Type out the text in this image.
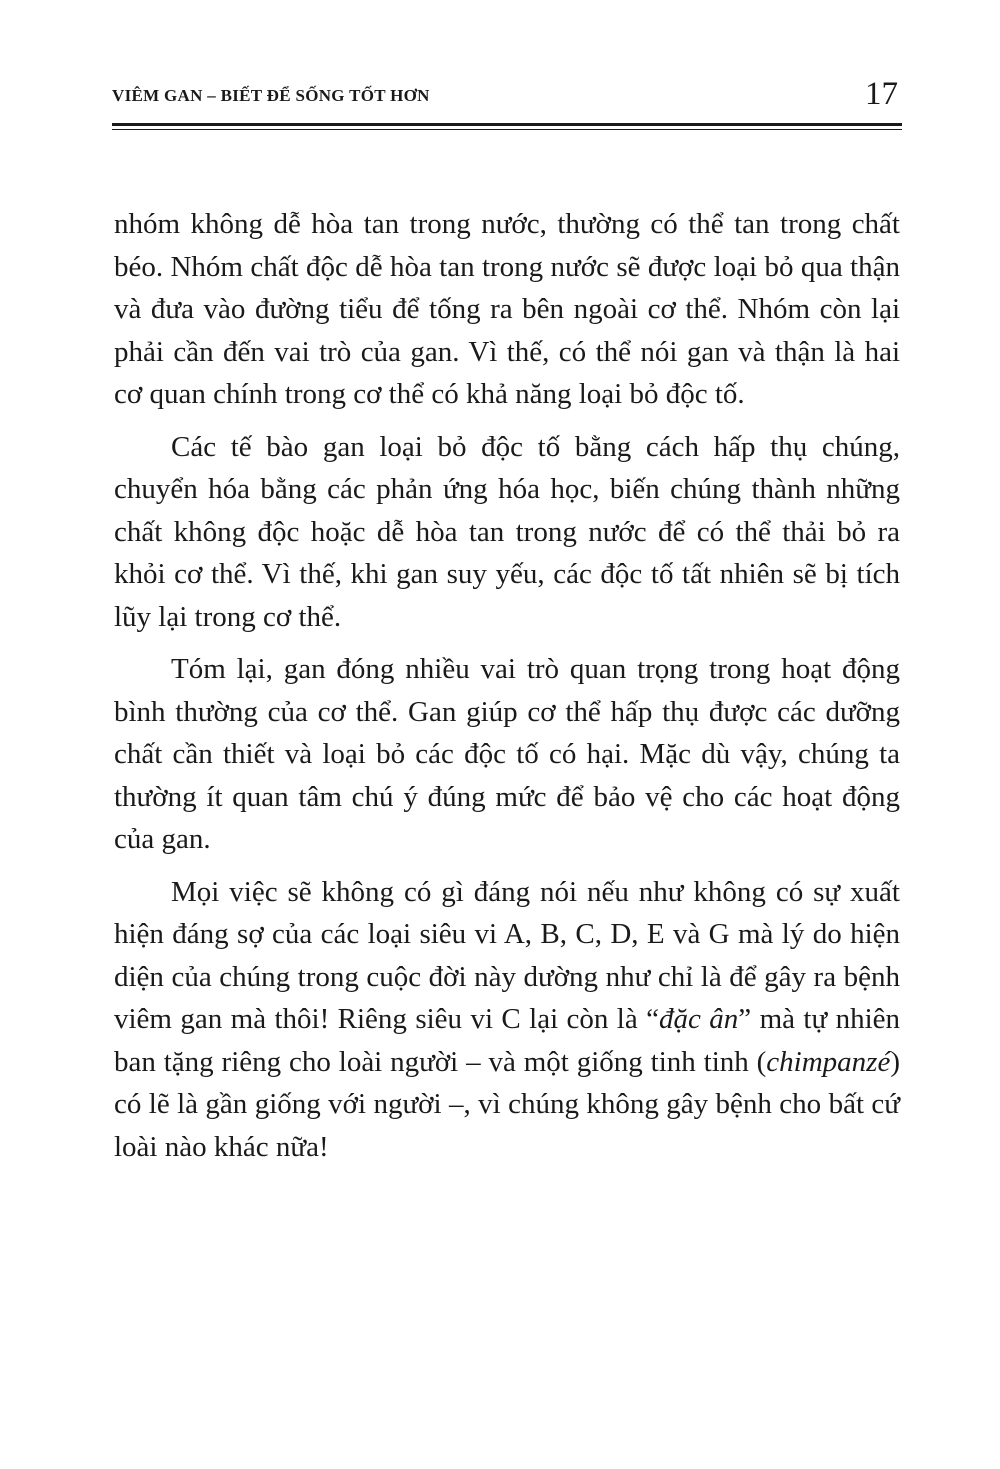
VIÊM GAN – BIẾT ĐỂ SỐNG TỐT HƠN	17

nhóm không dễ hòa tan trong nước, thường có thể tan trong chất béo. Nhóm chất độc dễ hòa tan trong nước sẽ được loại bỏ qua thận và đưa vào đường tiểu để tống ra bên ngoài cơ thể. Nhóm còn lại phải cần đến vai trò của gan. Vì thế, có thể nói gan và thận là hai cơ quan chính trong cơ thể có khả năng loại bỏ độc tố.

Các tế bào gan loại bỏ độc tố bằng cách hấp thụ chúng, chuyển hóa bằng các phản ứng hóa học, biến chúng thành những chất không độc hoặc dễ hòa tan trong nước để có thể thải bỏ ra khỏi cơ thể. Vì thế, khi gan suy yếu, các độc tố tất nhiên sẽ bị tích lũy lại trong cơ thể.

Tóm lại, gan đóng nhiều vai trò quan trọng trong hoạt động bình thường của cơ thể. Gan giúp cơ thể hấp thụ được các dưỡng chất cần thiết và loại bỏ các độc tố có hại. Mặc dù vậy, chúng ta thường ít quan tâm chú ý đúng mức để bảo vệ cho các hoạt động của gan.

Mọi việc sẽ không có gì đáng nói nếu như không có sự xuất hiện đáng sợ của các loại siêu vi A, B, C, D, E và G mà lý do hiện diện của chúng trong cuộc đời này dường như chỉ là để gây ra bệnh viêm gan mà thôi! Riêng siêu vi C lại còn là “đặc ân” mà tự nhiên ban tặng riêng cho loài người – và một giống tinh tinh (chimpanzé) có lẽ là gần giống với người –, vì chúng không gây bệnh cho bất cứ loài nào khác nữa!
